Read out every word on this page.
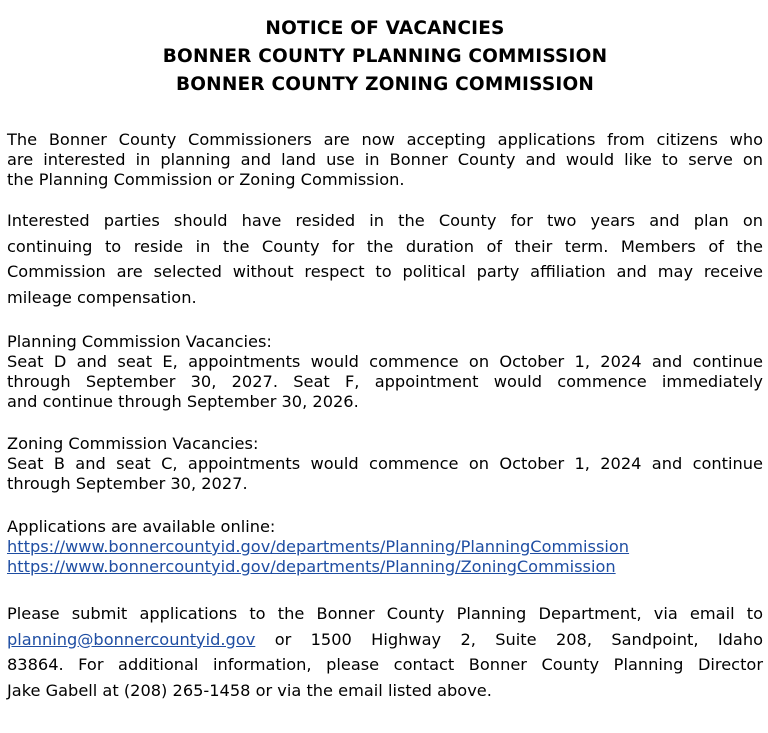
NOTICE OF VACANCIES
BONNER COUNTY PLANNING COMMISSION
BONNER COUNTY ZONING COMMISSION
The Bonner County Commissioners are now accepting applications from citizens who
are interested in planning and land use in Bonner County and would like to serve on
the Planning Commission or Zoning Commission.
Interested parties should have resided in the County for two years and plan on
continuing to reside in the County for the duration of their term. Members of the
Commission are selected without respect to political party affiliation and may receive
mileage compensation.
Planning Commission Vacancies:
Seat D and seat E, appointments would commence on October 1, 2024 and continue
through September 30, 2027. Seat F, appointment would commence immediately
and continue through September 30, 2026.
Zoning Commission Vacancies:
Seat B and seat C, appointments would commence on October 1, 2024 and continue
through September 30, 2027.
Applications are available online:
https://www.bonnercountyid.gov/departments/Planning/PlanningCommission
https://www.bonnercountyid.gov/departments/Planning/ZoningCommission
Please submit applications to the Bonner County Planning Department, via email to
planning@bonnercountyid.gov or 1500 Highway 2, Suite 208, Sandpoint, Idaho
83864. For additional information, please contact Bonner County Planning Director
Jake Gabell at (208) 265-1458 or via the email listed above.
